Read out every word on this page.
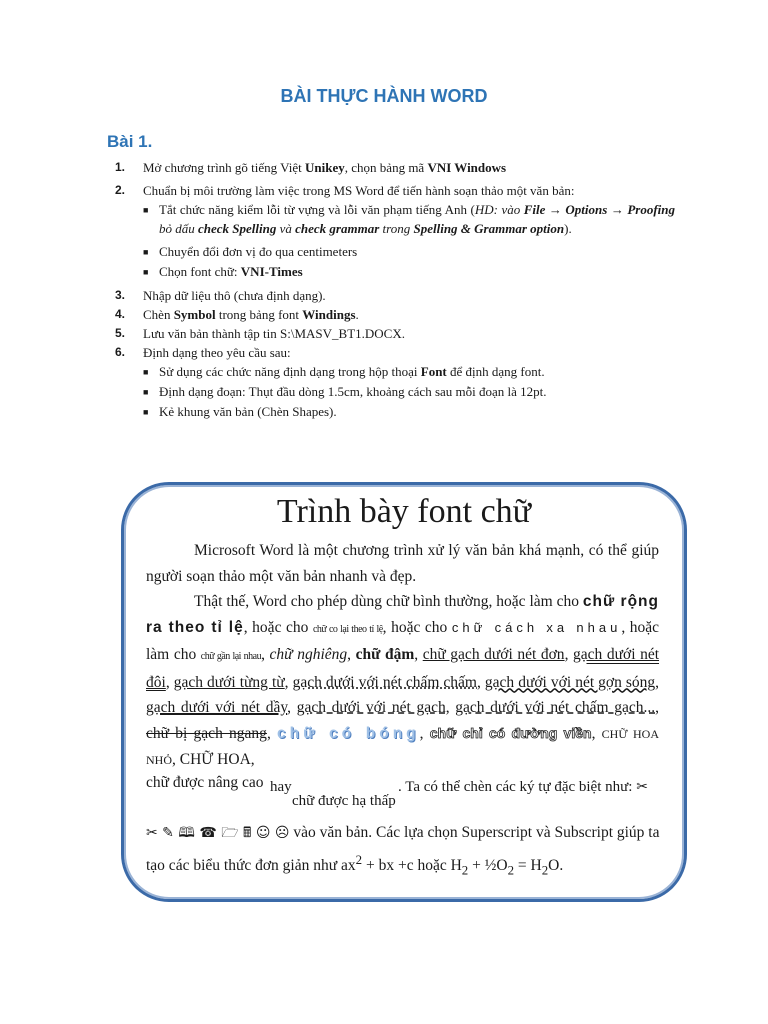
BÀI THỰC HÀNH WORD
Bài 1.
1.	Mở chương trình gõ tiếng Việt Unikey, chọn bảng mã VNI Windows
2.	Chuẩn bị môi trường làm việc trong MS Word để tiến hành soạn thảo một văn bản:
■ Tắt chức năng kiểm lỗi từ vựng và lỗi văn phạm tiếng Anh (HD: vào File → Options → Proofing bỏ dấu check Spelling và check grammar trong Spelling & Grammar option).
■ Chuyển đổi đơn vị đo qua centimeters
■ Chọn font chữ: VNI-Times
3.	Nhập dữ liệu thô (chưa định dạng).
4.	Chèn Symbol trong bảng font Windings.
5.	Lưu văn bản thành tập tin S:\MASV_BT1.DOCX.
6.	Định dạng theo yêu cầu sau:
■ Sử dụng các chức năng định dạng trong hộp thoại Font để định dạng font.
■ Định dạng đoạn: Thụt đầu dòng 1.5cm, khoảng cách sau mỗi đoạn là 12pt.
■ Kẻ khung văn bản (Chèn Shapes).
Trình bày font chữ

Microsoft Word là một chương trình xử lý văn bản khá mạnh, có thể giúp người soạn thảo một văn bản nhanh và đẹp.

Thật thế, Word cho phép dùng chữ bình thường, hoặc làm cho chữ rộng ra theo tỉ lệ, hoặc cho chữ co lại theo tỉ lệ, hoặc cho chữ cách xa nhau, hoặc làm cho chữ gần lại nhau, chữ nghiêng, chữ đậm, chữ gạch dưới nét đơn, gạch dưới nét đôi, gạch dưới từng từ, gạch dưới với nét chấm chấm, gạch dưới với nét gợn sóng, gạch dưới với nét dầy, gạch dưới với nét gạch, gạch dưới với nét chấm gạch..., chữ bị gạch ngang, chữ có bóng, chữ chỉ có đường viền, CHỮ HOA NHỎ, CHỮ HOA,
chữ được nâng cao hay
chữ được hạ thấp
. Ta có thể chèn các ký tự đặc biệt như: ✂
✂ ✎ 🕮 ☎ 🗁 🖩 ☺ ☹ vào văn bản. Các lựa chọn Superscript và Subscript giúp ta tạo các biểu thức đơn giản như $ax^2$ + bx +c hoặc $H_2$ + $\frac{1}{2}O_2 = H_2O$.
